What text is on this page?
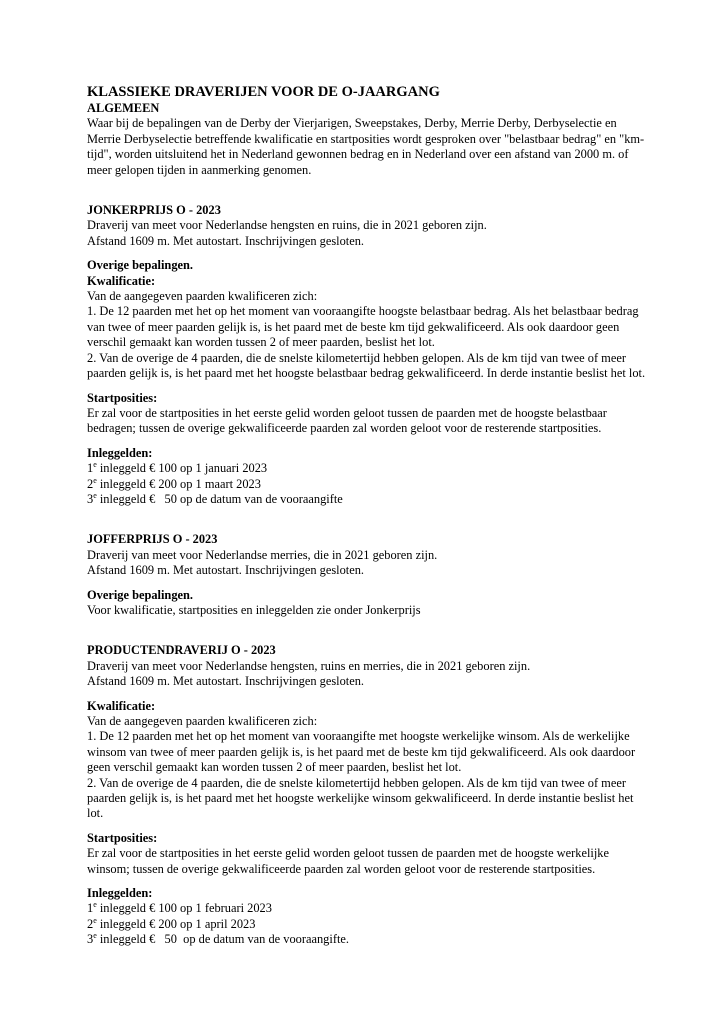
KLASSIEKE DRAVERIJEN VOOR DE O-JAARGANG
ALGEMEEN

Waar bij de bepalingen van de Derby der Vierjarigen, Sweepstakes, Derby, Merrie Derby, Derbyselectie en Merrie Derbyselectie betreffende kwalificatie en startposities wordt gesproken over "belastbaar bedrag" en "km-tijd", worden uitsluitend het in Nederland gewonnen bedrag en in Nederland over een afstand van 2000 m. of meer gelopen tijden in aanmerking genomen.

JONKERPRIJS O - 2023
Draverij van meet voor Nederlandse hengsten en ruins, die in 2021 geboren zijn.
Afstand 1609 m. Met autostart. Inschrijvingen gesloten.
Overige bepalingen.
Kwalificatie:
Van de aangegeven paarden kwalificeren zich:
1. De 12 paarden met het op het moment van vooraangifte hoogste belastbaar bedrag. Als het belastbaar bedrag van twee of meer paarden gelijk is, is het paard met de beste km tijd gekwalificeerd. Als ook daardoor geen verschil gemaakt kan worden tussen 2 of meer paarden, beslist het lot.
2. Van de overige de 4 paarden, die de snelste kilometertijd hebben gelopen. Als de km tijd van twee of meer paarden gelijk is, is het paard met het hoogste belastbaar bedrag gekwalificeerd. In derde instantie beslist het lot.
Startposities:
Er zal voor de startposities in het eerste gelid worden geloot tussen de paarden met de hoogste belastbaar bedragen; tussen de overige gekwalificeerde paarden zal worden geloot voor de resterende startposities.
Inleggelden:
1e inleggeld € 100 op 1 januari 2023
2e inleggeld € 200 op 1 maart 2023
3e inleggeld €   50 op de datum van de vooraangifte
JOFFERPRIJS O - 2023
Draverij van meet voor Nederlandse merries, die in 2021 geboren zijn.
Afstand 1609 m. Met autostart. Inschrijvingen gesloten.
Overige bepalingen.
Voor kwalificatie, startposities en inleggelden zie onder Jonkerprijs
PRODUCTENDRAVERIJ O - 2023
Draverij van meet voor Nederlandse hengsten, ruins en merries, die in 2021 geboren zijn.
Afstand 1609 m. Met autostart. Inschrijvingen gesloten.
Kwalificatie:
Van de aangegeven paarden kwalificeren zich:
1. De 12 paarden met het op het moment van vooraangifte met hoogste werkelijke winsom. Als de werkelijke winsom van twee of meer paarden gelijk is, is het paard met de beste km tijd gekwalificeerd. Als ook daardoor geen verschil gemaakt kan worden tussen 2 of meer paarden, beslist het lot.
2. Van de overige de 4 paarden, die de snelste kilometertijd hebben gelopen. Als de km tijd van twee of meer paarden gelijk is, is het paard met het hoogste werkelijke winsom gekwalificeerd. In derde instantie beslist het lot.
Startposities:
Er zal voor de startposities in het eerste gelid worden geloot tussen de paarden met de hoogste werkelijke winsom; tussen de overige gekwalificeerde paarden zal worden geloot voor de resterende startposities.
Inleggelden:
1e inleggeld € 100 op 1 februari 2023
2e inleggeld € 200 op 1 april 2023
3e inleggeld €   50  op de datum van de vooraangifte.
